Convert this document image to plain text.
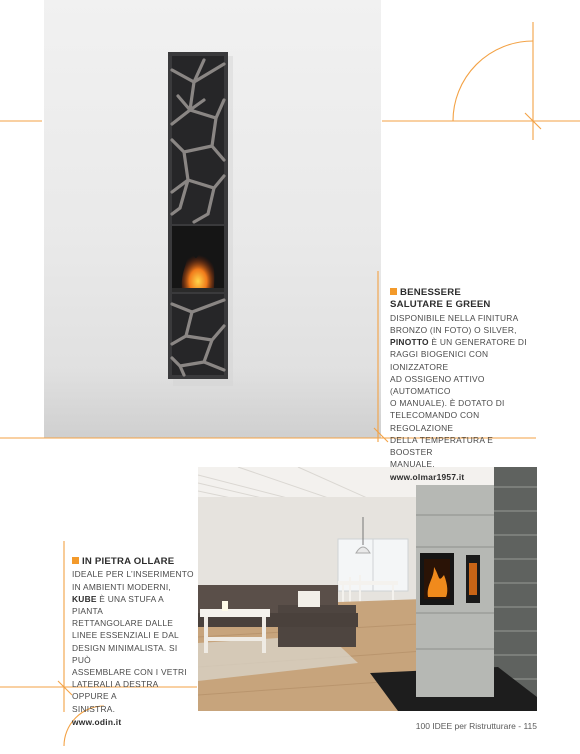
BENESSERE
SALUTARE E GREEN
DISPONIBILE NELLA FINITURA
BRONZO (IN FOTO) O SILVER,
PINOTTO È UN GENERATORE DI
RAGGI BIOGENICI CON IONIZZATORE
AD OSSIGENO ATTIVO (AUTOMATICO
O MANUALE). È DOTATO DI
TELECOMANDO CON REGOLAZIONE
DELLA TEMPERATURA E BOOSTER
MANUALE.
www.olmar1957.it
IN PIETRA OLLARE
IDEALE PER L’INSERIMENTO
IN AMBIENTI MODERNI,
KUBE È UNA STUFA A PIANTA
RETTANGOLARE DALLE
LINEE ESSENZIALI E DAL
DESIGN MINIMALISTA. SI PUÒ
ASSEMBLARE CON I VETRI
LATERALI A DESTRA OPPURE A
SINISTRA.
www.odin.it	100 IDEE per Ristrutturare - 115
